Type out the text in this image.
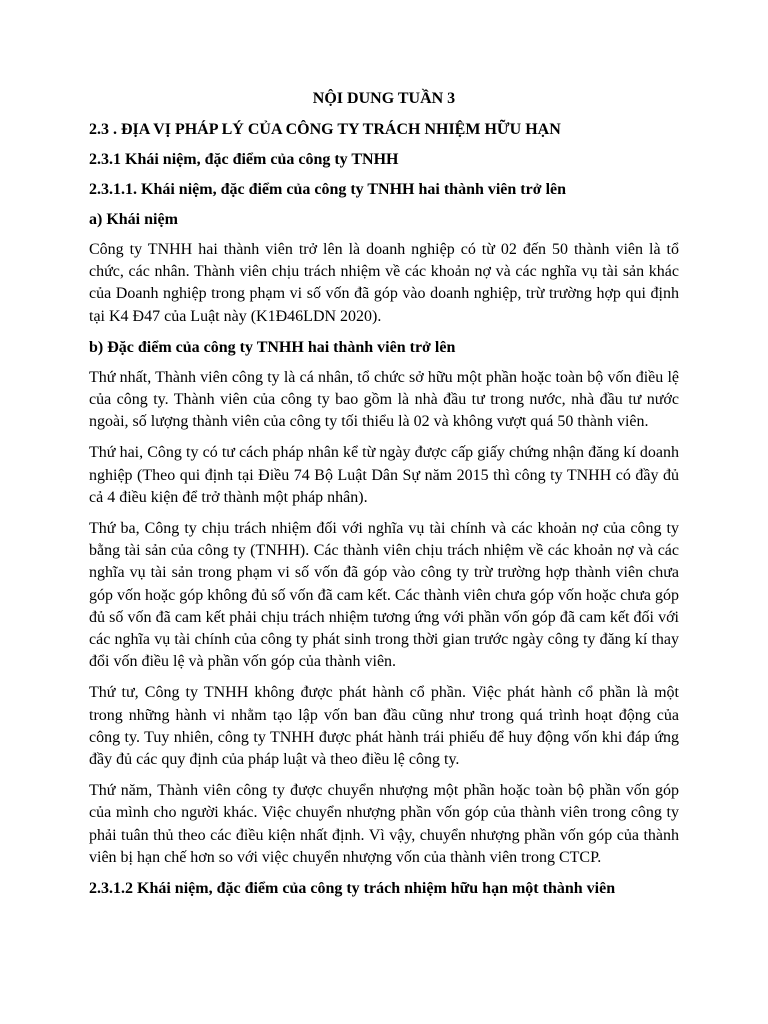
NỘI DUNG TUẦN 3

2.3 . ĐỊA VỊ PHÁP LÝ CỦA CÔNG TY TRÁCH NHIỆM HỮU HẠN

2.3.1 Khái niệm, đặc điểm của công ty TNHH

2.3.1.1. Khái niệm, đặc điểm của công ty TNHH hai thành viên trở lên

a) Khái niệm

Công ty TNHH hai thành viên trở lên là doanh nghiệp có từ 02 đến 50 thành viên là tổ chức, các nhân. Thành viên chịu trách nhiệm về các khoản nợ và các nghĩa vụ tài sản khác của Doanh nghiệp trong phạm vi số vốn đã góp vào doanh nghiệp, trừ trường hợp qui định tại K4 Đ47 của Luật này (K1Đ46LDN 2020).

b) Đặc điểm của công ty TNHH hai thành viên trở lên

Thứ nhất, Thành viên công ty là cá nhân, tổ chức sở hữu một phần hoặc toàn bộ vốn điều lệ của công ty. Thành viên của công ty bao gồm là nhà đầu tư trong nước, nhà đầu tư nước ngoài, số lượng thành viên của công ty tối thiểu là 02 và không vượt quá 50 thành viên.

Thứ hai, Công ty có tư cách pháp nhân kể từ ngày được cấp giấy chứng nhận đăng kí doanh nghiệp (Theo qui định tại Điều 74 Bộ Luật Dân Sự năm 2015 thì công ty TNHH có đầy đủ cả 4 điều kiện để trở thành một pháp nhân).

Thứ ba, Công ty chịu trách nhiệm đối với nghĩa vụ tài chính và các khoản nợ của công ty bằng tài sản của công ty (TNHH). Các thành viên chịu trách nhiệm về các khoản nợ và các nghĩa vụ tài sản trong phạm vi số vốn đã góp vào công ty trừ trường hợp thành viên chưa góp vốn hoặc góp không đủ số vốn đã cam kết. Các thành viên chưa góp vốn hoặc chưa góp đủ số vốn đã cam kết phải chịu trách nhiệm tương ứng với phần vốn góp đã cam kết đối với các nghĩa vụ tài chính của công ty phát sinh trong thời gian trước ngày công ty đăng kí thay đổi vốn điều lệ và phần vốn góp của thành viên.

Thứ tư, Công ty TNHH không được phát hành cổ phần. Việc phát hành cổ phần là một trong những hành vi nhằm tạo lập vốn ban đầu cũng như trong quá trình hoạt động của công ty. Tuy nhiên, công ty TNHH được phát hành trái phiếu để huy động vốn khi đáp ứng đầy đủ các quy định của pháp luật và theo điều lệ công ty.

Thứ năm, Thành viên công ty được chuyển nhượng một phần hoặc toàn bộ phần vốn góp của mình cho người khác. Việc chuyển nhượng phần vốn góp của thành viên trong công ty phải tuân thủ theo các điều kiện nhất định. Vì vậy, chuyển nhượng phần vốn góp của thành viên bị hạn chế hơn so với việc chuyển nhượng vốn của thành viên trong CTCP.

2.3.1.2 Khái niệm, đặc điểm của công ty trách nhiệm hữu hạn một thành viên
